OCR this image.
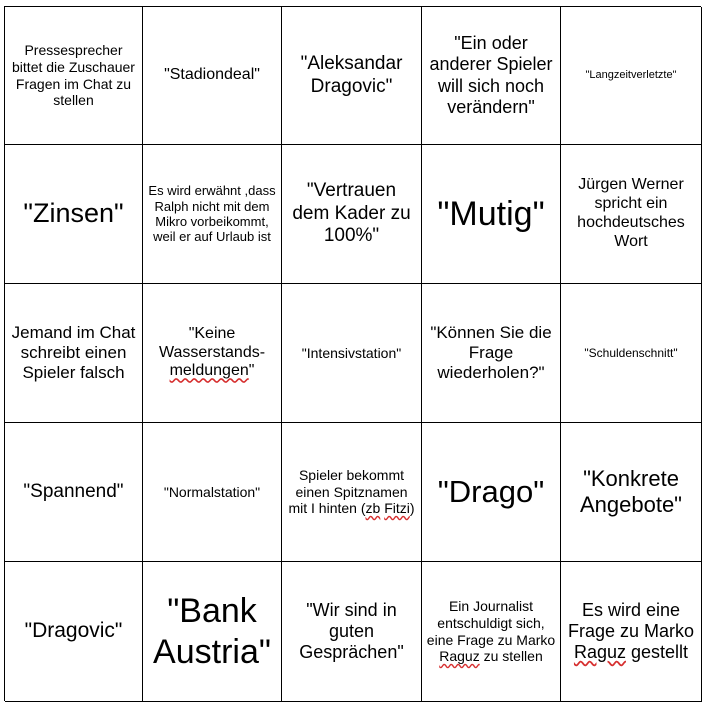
Pressesprecher bittet die Zuschauer Fragen im Chat zu stellen
"Stadiondeal"
"Aleksandar Dragovic"
"Ein oder anderer Spieler will sich noch verändern"
"Langzeitverletzte"
"Zinsen"
Es wird erwähnt ,dass Ralph nicht mit dem Mikro vorbeikommt, weil er auf Urlaub ist
"Vertrauen dem Kader zu 100%"
"Mutig"
Jürgen Werner spricht ein hochdeutsches Wort
Jemand im Chat schreibt einen Spieler falsch
"Keine Wasserstands-meldungen"
"Intensivstation"
"Können Sie die Frage wiederholen?"
"Schuldenschnitt"
"Spannend"	"Normalstation"
Spieler bekommt einen Spitznamen mit I hinten (zb Fitzi) "Drago"	"Konkrete Angebote"
"Dragovic"
"Bank Austria"
"Wir sind in guten Gesprächen"
Ein Journalist entschuldigt sich, eine Frage zu Marko Raguz zu stellen
Es wird eine Frage zu Marko Raguz gestellt
